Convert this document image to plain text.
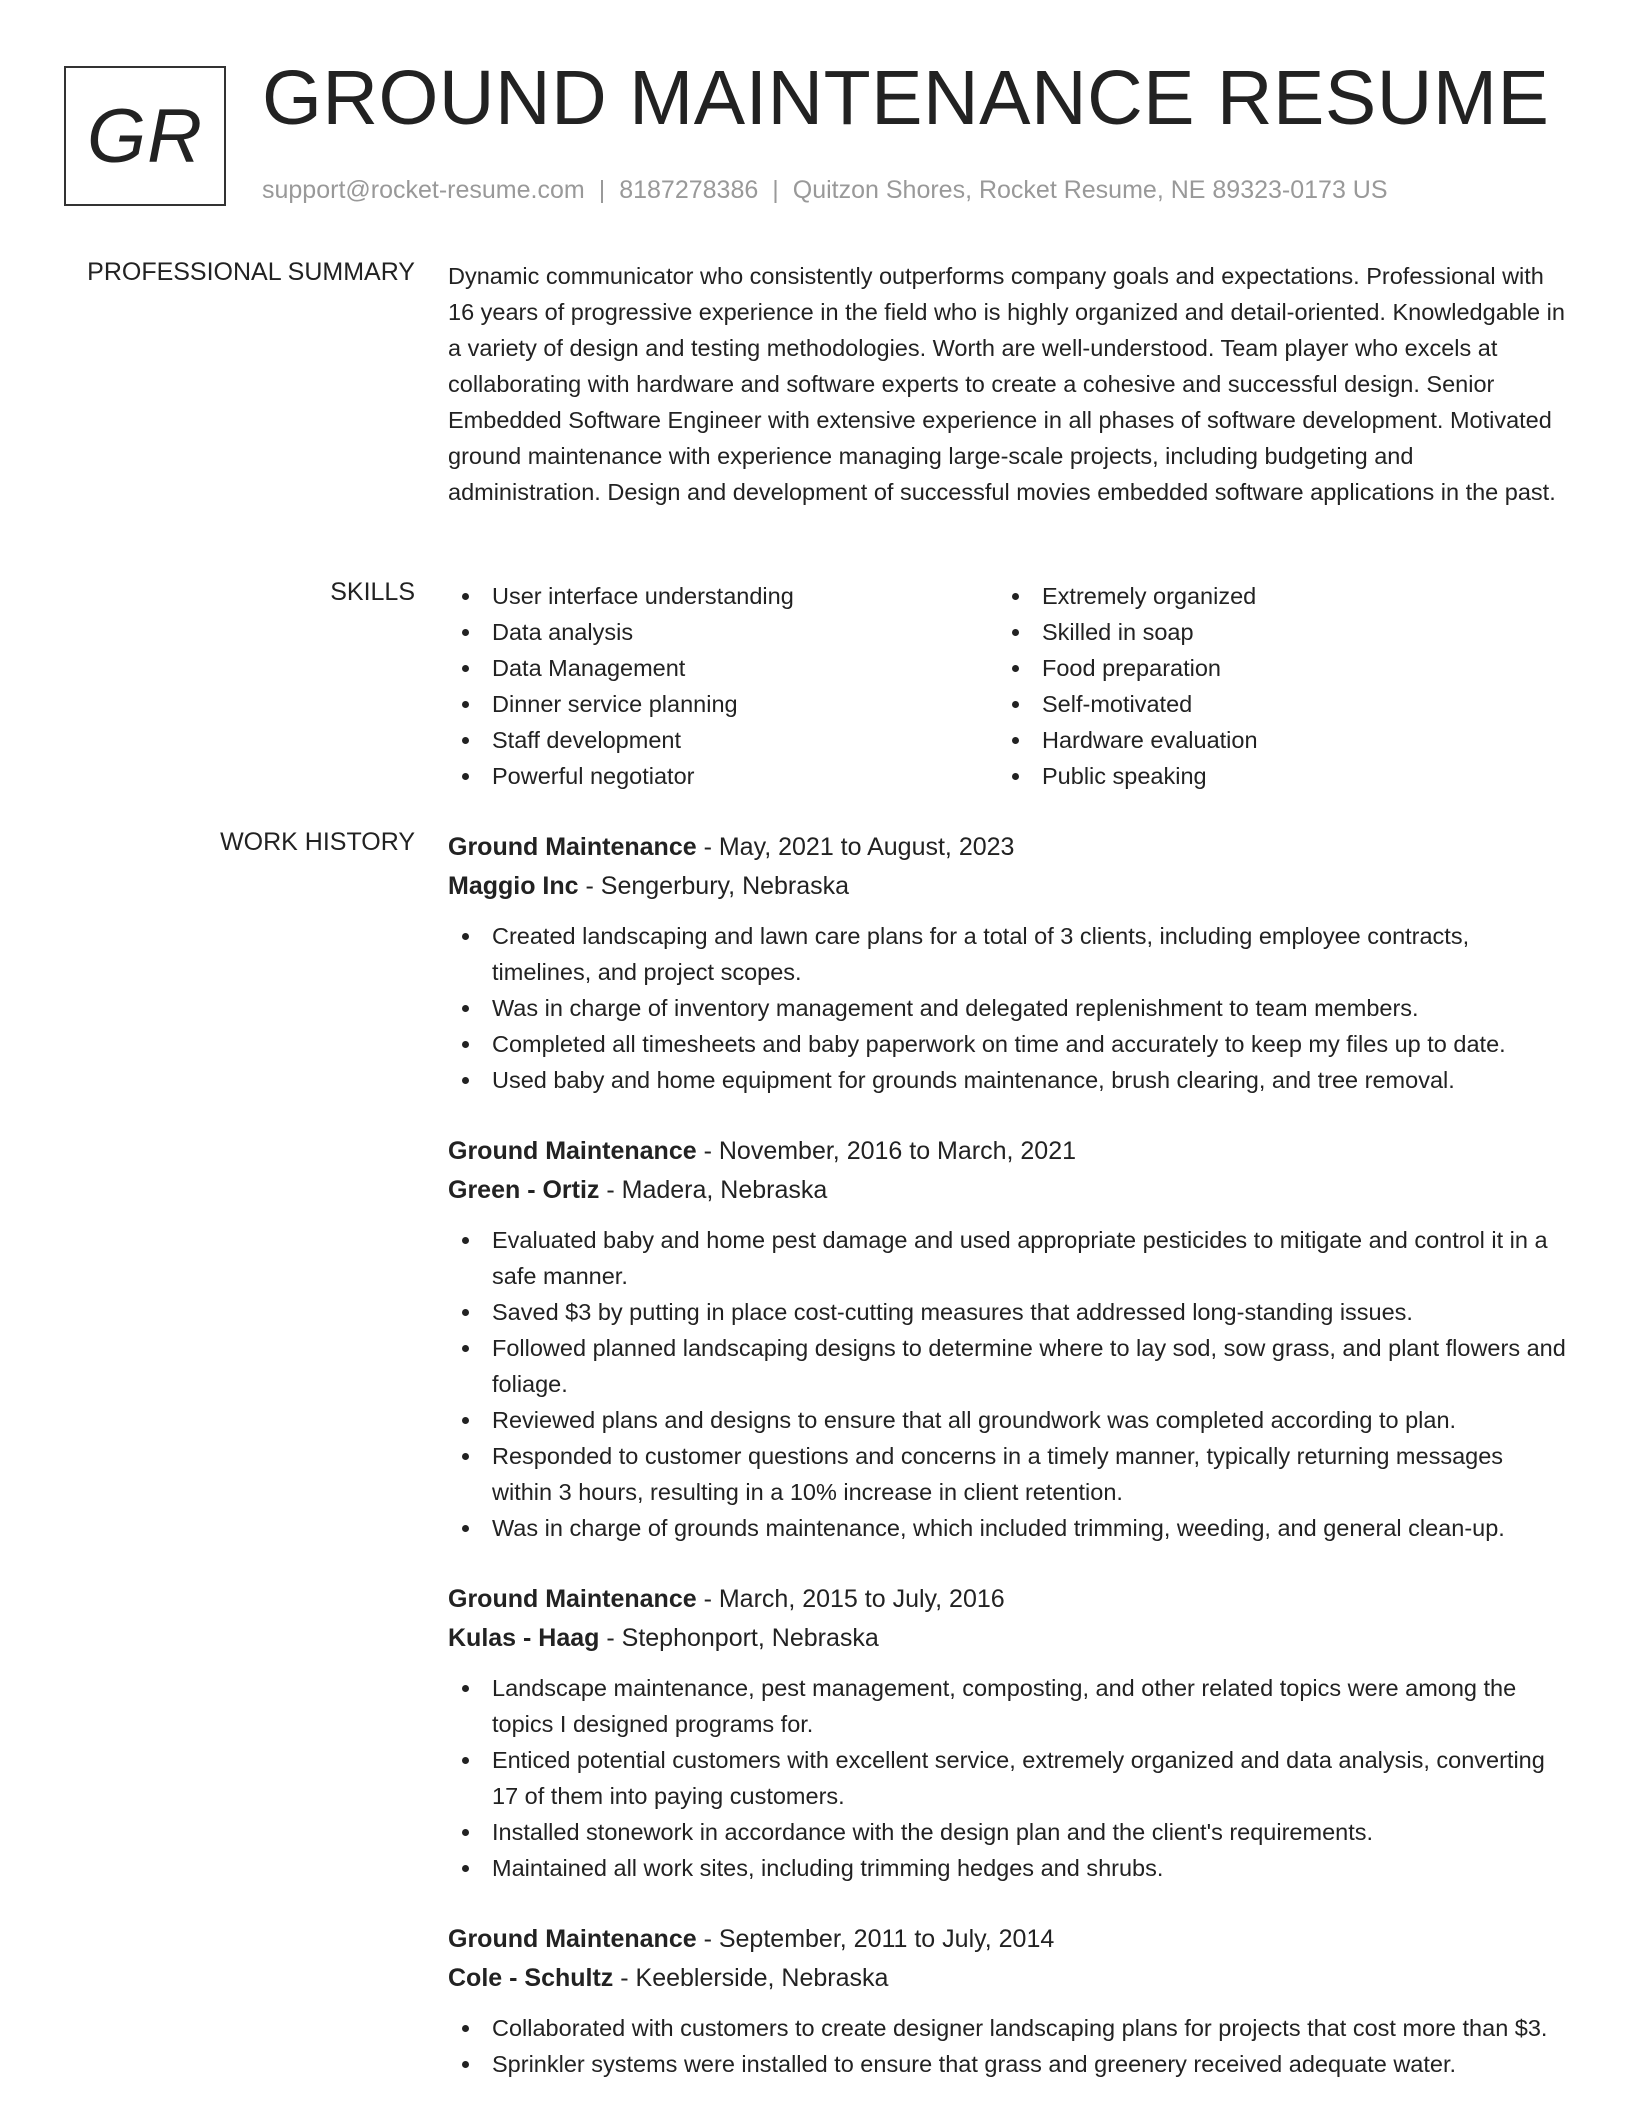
GR GROUND MAINTENANCE RESUME
support@rocket-resume.com | 8187278386 | Quitzon Shores, Rocket Resume, NE 89323-0173 US
PROFESSIONAL SUMMARY Dynamic communicator who consistently outperforms company goals and expectations. Professional with 16 years of progressive experience in the field who is highly organized and detail-oriented. Knowledgable in a variety of design and testing methodologies. Worth are well-understood. Team player who excels at collaborating with hardware and software experts to create a cohesive and successful design. Senior Embedded Software Engineer with extensive experience in all phases of software development. Motivated ground maintenance with experience managing large-scale projects, including budgeting and administration. Design and development of successful movies embedded software applications in the past.

SKILLS	User interface understanding
Data analysis
Data Management
Dinner service planning
Staff development
Powerful negotiator
Extremely organized
Skilled in soap
Food preparation
Self-motivated
Hardware evaluation
Public speaking
WORK HISTORY Ground Maintenance - May, 2021 to August, 2023
Maggio Inc - Sengerbury, Nebraska
Created landscaping and lawn care plans for a total of 3 clients, including employee contracts, timelines, and project scopes.
Was in charge of inventory management and delegated replenishment to team members.
Completed all timesheets and baby paperwork on time and accurately to keep my files up to date.
Used baby and home equipment for grounds maintenance, brush clearing, and tree removal.
Ground Maintenance - November, 2016 to March, 2021
Green - Ortiz - Madera, Nebraska
Evaluated baby and home pest damage and used appropriate pesticides to mitigate and control it in a safe manner.
Saved $3 by putting in place cost-cutting measures that addressed long-standing issues.
Followed planned landscaping designs to determine where to lay sod, sow grass, and plant flowers and foliage.
Reviewed plans and designs to ensure that all groundwork was completed according to plan.
Responded to customer questions and concerns in a timely manner, typically returning messages within 3 hours, resulting in a 10% increase in client retention.
Was in charge of grounds maintenance, which included trimming, weeding, and general clean-up.
Ground Maintenance - March, 2015 to July, 2016
Kulas - Haag - Stephonport, Nebraska
Landscape maintenance, pest management, composting, and other related topics were among the topics I designed programs for.
Enticed potential customers with excellent service, extremely organized and data analysis, converting 17 of them into paying customers.
Installed stonework in accordance with the design plan and the client's requirements.
Maintained all work sites, including trimming hedges and shrubs.
Ground Maintenance - September, 2011 to July, 2014
Cole - Schultz - Keeblerside, Nebraska
Collaborated with customers to create designer landscaping plans for projects that cost more than $3.
Sprinkler systems were installed to ensure that grass and greenery received adequate water.
